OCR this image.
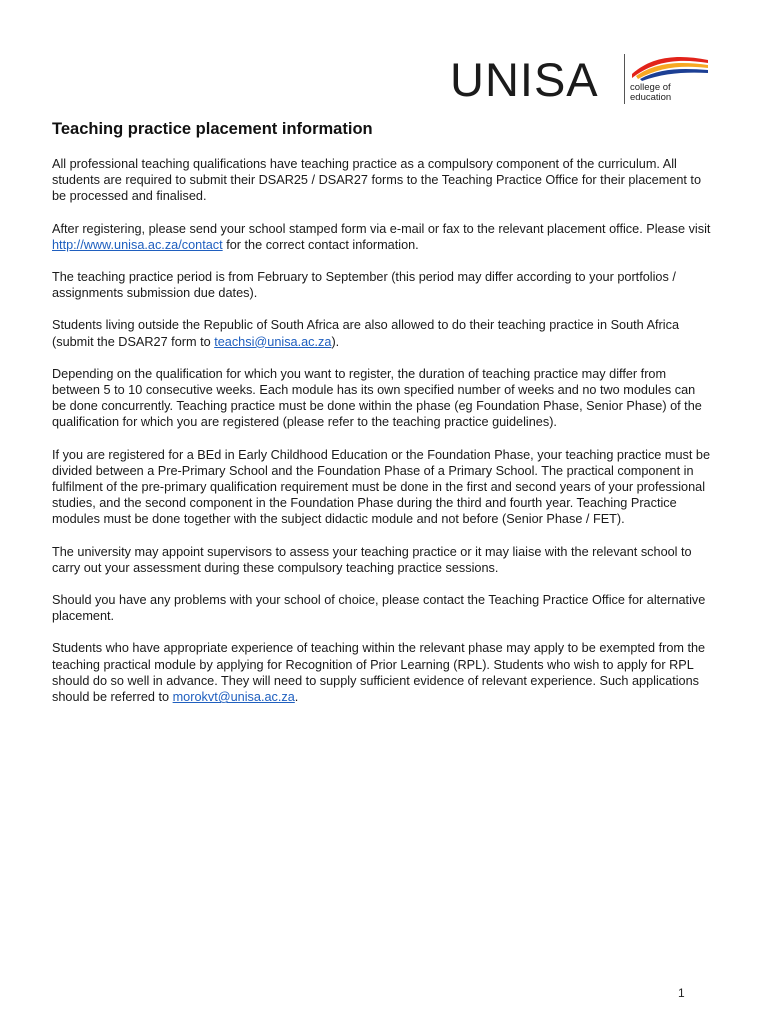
UNISA	college of
education
Teaching practice placement information

All professional teaching qualifications have teaching practice as a compulsory component of the curriculum. All students are required to submit their DSAR25 / DSAR27 forms to the Teaching Practice Office for their placement to be processed and finalised.

After registering, please send your school stamped form via e-mail or fax to the relevant placement office. Please visit http://www.unisa.ac.za/contact for the correct contact information.

The teaching practice period is from February to September (this period may differ according to your portfolios / assignments submission due dates).

Students living outside the Republic of South Africa are also allowed to do their teaching practice in South Africa (submit the DSAR27 form to teachsi@unisa.ac.za).

Depending on the qualification for which you want to register, the duration of teaching practice may differ from between 5 to 10 consecutive weeks. Each module has its own specified number of weeks and no two modules can be done concurrently. Teaching practice must be done within the phase (eg Foundation Phase, Senior Phase) of the qualification for which you are registered (please refer to the teaching practice guidelines).

If you are registered for a BEd in Early Childhood Education or the Foundation Phase, your teaching practice must be divided between a Pre-Primary School and the Foundation Phase of a Primary School. The practical component in fulfilment of the pre-primary qualification requirement must be done in the first and second years of your professional studies, and the second component in the Foundation Phase during the third and fourth year. Teaching Practice modules must be done together with the subject didactic module and not before (Senior Phase / FET).

The university may appoint supervisors to assess your teaching practice or it may liaise with the relevant school to carry out your assessment during these compulsory teaching practice sessions.

Should you have any problems with your school of choice, please contact the Teaching Practice Office for alternative placement.

Students who have appropriate experience of teaching within the relevant phase may apply to be exempted from the teaching practical module by applying for Recognition of Prior Learning (RPL). Students who wish to apply for RPL should do so well in advance. They will need to supply sufficient evidence of relevant experience. Such applications should be referred to morokvt@unisa.ac.za.

1
